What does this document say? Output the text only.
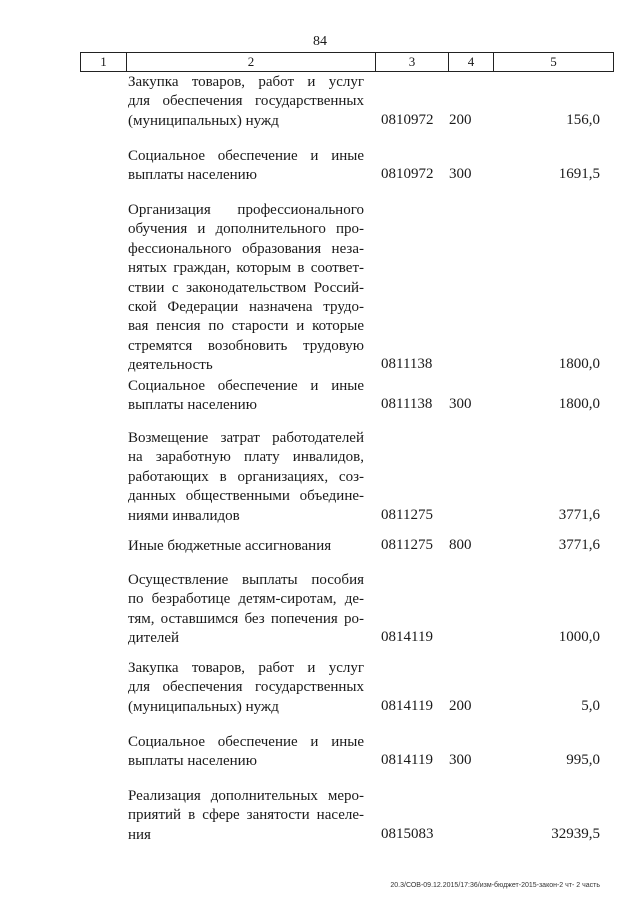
84
1	2	3	4	5
Закупка товаров, работ и услуг
для обеспечения государственных
(муниципальных) нужд	0810972 200	156,0
Социальное обеспечение и иные
выплаты населению	0810972 300	1691,5
Организация профессионального
обучения и дополнительного про-
фессионального образования неза-
нятых граждан, которым в соответ-
ствии с законодательством Россий-
ской Федерации назначена трудо-
вая пенсия по старости и которые
стремятся возобновить трудовую
деятельность	0811138	1800,0
Социальное обеспечение и иные
выплаты населению	0811138 300	1800,0
Возмещение затрат работодателей
на заработную плату инвалидов,
работающих в организациях, соз-
данных общественными объедине-
ниями инвалидов	0811275	3771,6
Иные бюджетные ассигнования	0811275 800	3771,6
Осуществление выплаты пособия
по безработице детям-сиротам, де-
тям, оставшимся без попечения ро-
дителей	0814119	1000,0
Закупка товаров, работ и услуг
для обеспечения государственных
(муниципальных) нужд	0814119 200	5,0
Социальное обеспечение и иные
выплаты населению	0814119 300	995,0
Реализация дополнительных меро-
приятий в сфере занятости населе-
ния	0815083	32939,5
20.3/СОВ-09.12.2015/17:36/изм-бюджет-2015-закон-2 чт- 2 часть
